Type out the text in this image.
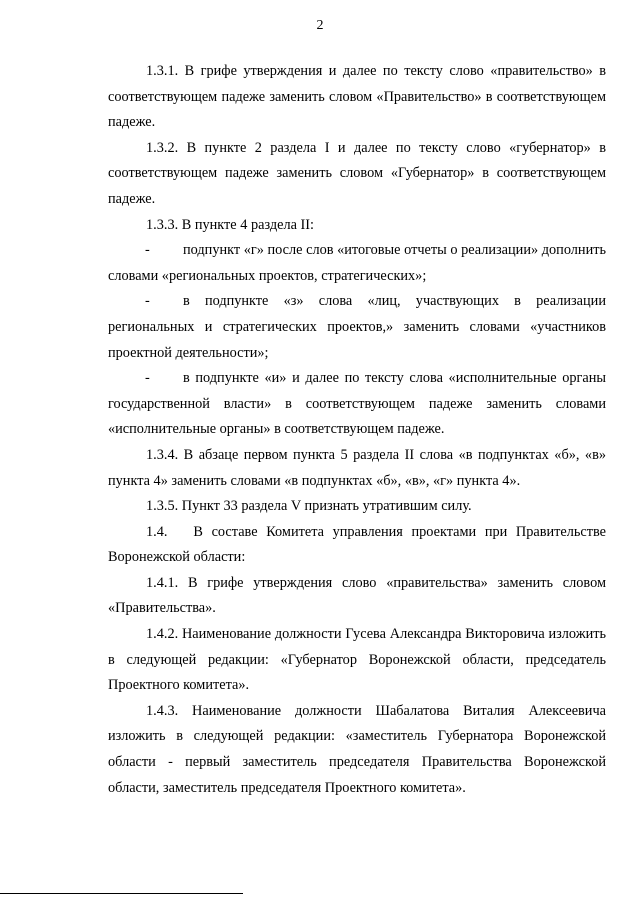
2

1.3.1. В грифе утверждения и далее по тексту слово «правительство» в соответствующем падеже заменить словом «Правительство» в соответствующем падеже.

1.3.2. В пункте 2 раздела I и далее по тексту слово «губернатор» в соответствующем падеже заменить словом «Губернатор» в соответствующем падеже.

1.3.3. В пункте 4 раздела II:

- подпункт «г» после слов «итоговые отчеты о реализации» дополнить словами «региональных проектов, стратегических»;

- в подпункте «з» слова «лиц, участвующих в реализации региональных и стратегических проектов,» заменить словами «участников проектной деятельности»;

- в подпункте «и» и далее по тексту слова «исполнительные органы государственной власти» в соответствующем падеже заменить словами «исполнительные органы» в соответствующем падеже.

1.3.4. В абзаце первом пункта 5 раздела II слова «в подпунктах «б», «в» пункта 4» заменить словами «в подпунктах «б», «в», «г» пункта 4».

1.3.5. Пункт 33 раздела V признать утратившим силу.

1.4.   В составе Комитета управления проектами при Правительстве Воронежской области:

1.4.1. В грифе утверждения слово «правительства» заменить словом «Правительства».

1.4.2. Наименование должности Гусева Александра Викторовича изложить в следующей редакции: «Губернатор Воронежской области, председатель Проектного комитета».

1.4.3. Наименование должности Шабалатова Виталия Алексеевича изложить в следующей редакции: «заместитель Губернатора Воронежской области - первый заместитель председателя Правительства Воронежской области, заместитель председателя Проектного комитета».
